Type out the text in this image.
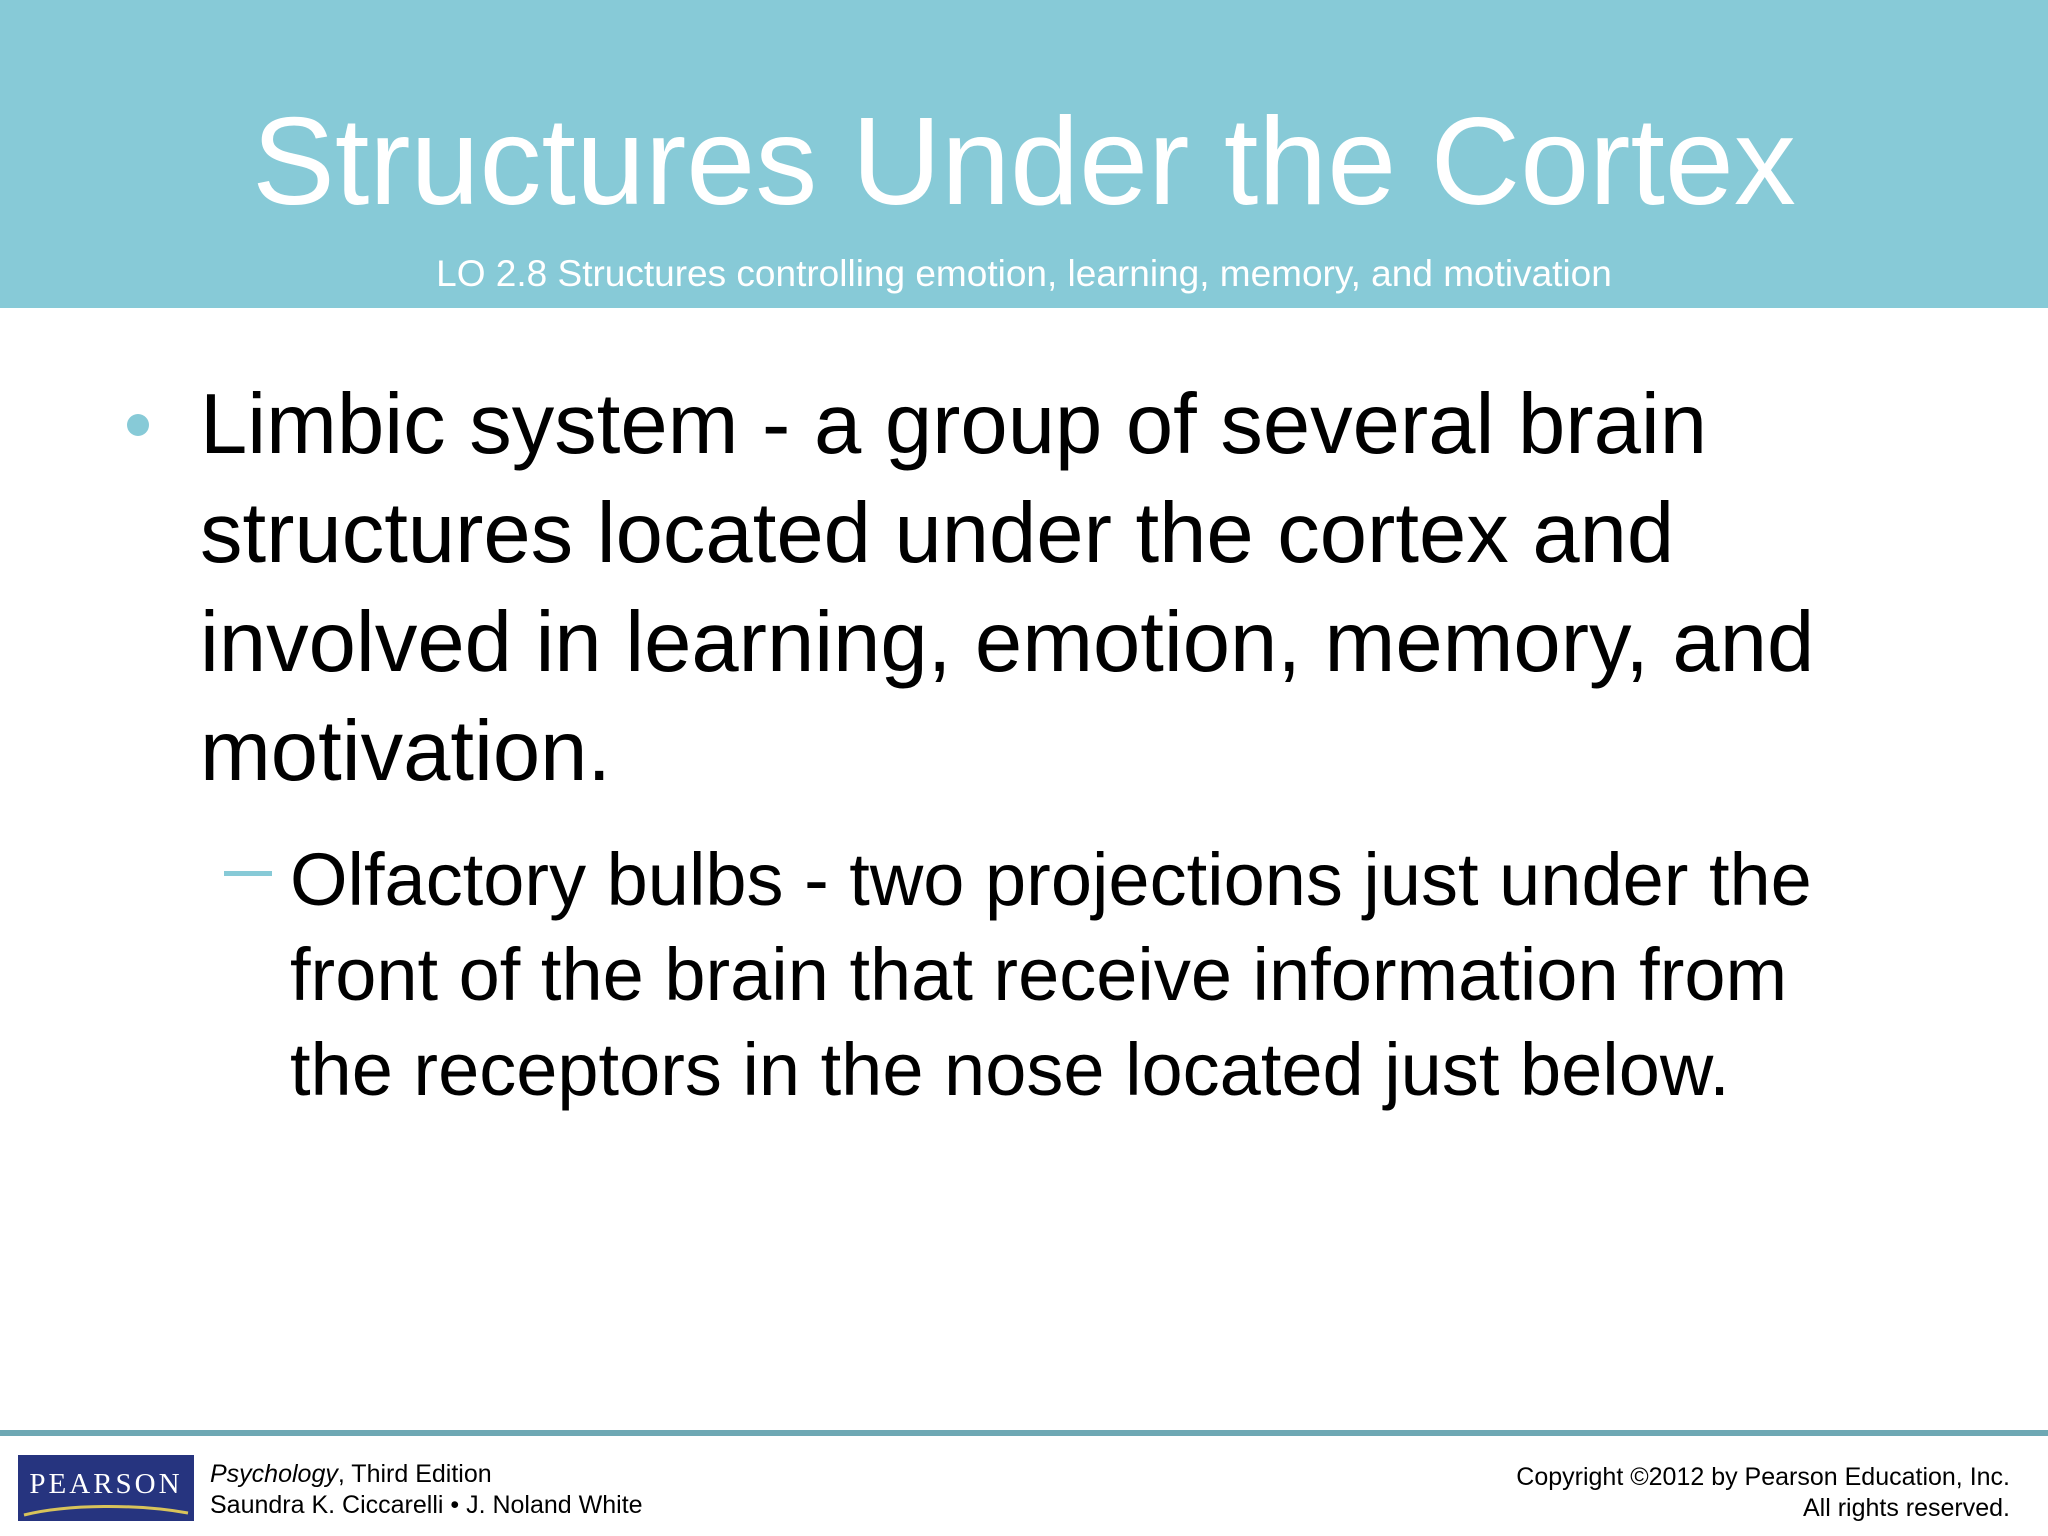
Structures Under the Cortex
LO 2.8 Structures controlling emotion, learning, memory, and motivation
Limbic system - a group of several brain structures located under the cortex and involved in learning, emotion, memory, and motivation.
Olfactory bulbs - two projections just under the front of the brain that receive information from the receptors in the nose located just below.
PEARSON	Psychology, Third Edition
Saundra K. Ciccarelli • J. Noland White
Copyright ©2012 by Pearson Education, Inc.
All rights reserved.
